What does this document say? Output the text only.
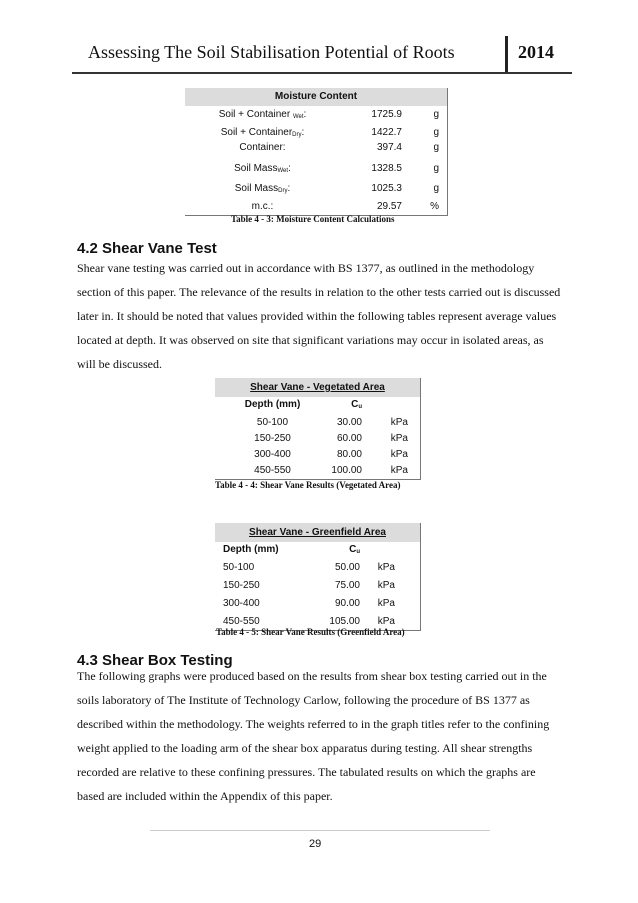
Assessing The Soil Stabilisation Potential of Roots	2014
Moisture Content
Soil + Container Wet:	1725.9	g
Soil + ContainerDry:	1422.7	g
Container:	397.4	g
Soil MassWet:	1328.5	g
Soil MassDry:	1025.3	g
m.c.:	29.57	%
Table 4 - 3: Moisture Content Calculations
4.2 Shear Vane Test

Shear vane testing was carried out in accordance with BS 1377, as outlined in the methodology section of this paper. The relevance of the results in relation to the other tests carried out is discussed later in. It should be noted that values provided within the following tables represent average values located at depth. It was observed on site that significant variations may occur in isolated areas, as will be discussed.

Shear Vane - Vegetated Area
Depth (mm)	Cu
50-100	30.00	kPa
150-250	60.00	kPa
300-400	80.00	kPa
450-550	100.00	kPa
Table 4 - 4: Shear Vane Results (Vegetated Area)
Shear Vane - Greenfield Area
Depth (mm)	Cu
50-100	50.00 kPa
150-250	75.00 kPa
300-400	90.00 kPa
450-550	105.00 kPa
Table 4 - 5: Shear Vane Results (Greenfield Area)
4.3 Shear Box Testing

The following graphs were produced based on the results from shear box testing carried out in the soils laboratory of The Institute of Technology Carlow, following the procedure of BS 1377 as described within the methodology. The weights referred to in the graph titles refer to the confining weight applied to the loading arm of the shear box apparatus during testing. All shear strengths recorded are relative to these confining pressures. The tabulated results on which the graphs are based are included within the Appendix of this paper.

29
